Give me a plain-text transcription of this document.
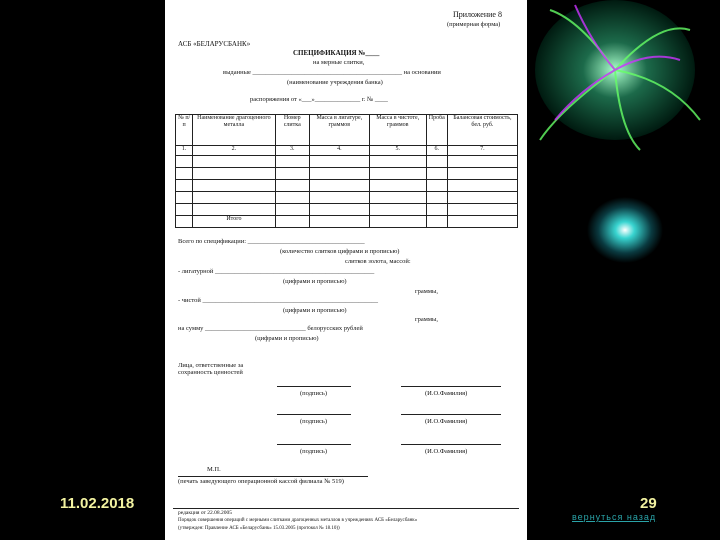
Приложение 8
(примерная форма)
АСБ «БЕЛАРУСБАНК»
СПЕЦИФИКАЦИЯ №____
на мерные слитки,
выданные ______________________________________________ на основании
(наименование учреждения банка)
распоряжения от «___»______________ г. № ____
№ п/п	Наименование драгоценного металла	Номер слитка	Масса в лигатуре, граммов	Масса в чистоте, граммов	Проба	Балансовая стоимость, бел. руб.
1.	2.	3.	4.	5.	6.	7.

	Итого					
Всего по спецификации: ____________________________________
(количество слитков цифрами и прописью)
слитков золота, массой:
- лигатурной _________________________________________________
(цифрами и прописью)
граммы,
- чистой ______________________________________________________
(цифрами и прописью)
граммы,
на сумму _______________________________ белорусских рублей
(цифрами и прописью)
Лица, ответственные за сохранность ценностей
(подпись)	(И.О.Фамилия)
(подпись)	(И.О.Фамилия)
(подпись)	(И.О.Фамилия)
М.П.
(печать заведующего операционной кассой филиала № 519)
редакция от 22.08.2005
Порядок совершения операций с мерными слитками драгоценных металлов в учреждениях АСБ «Беларусбанк»
(утвержден: Правление АСБ «Беларусбанк» 15.03.2005 (протокол № 18.10))
11.02.2018	29
вернуться назад
